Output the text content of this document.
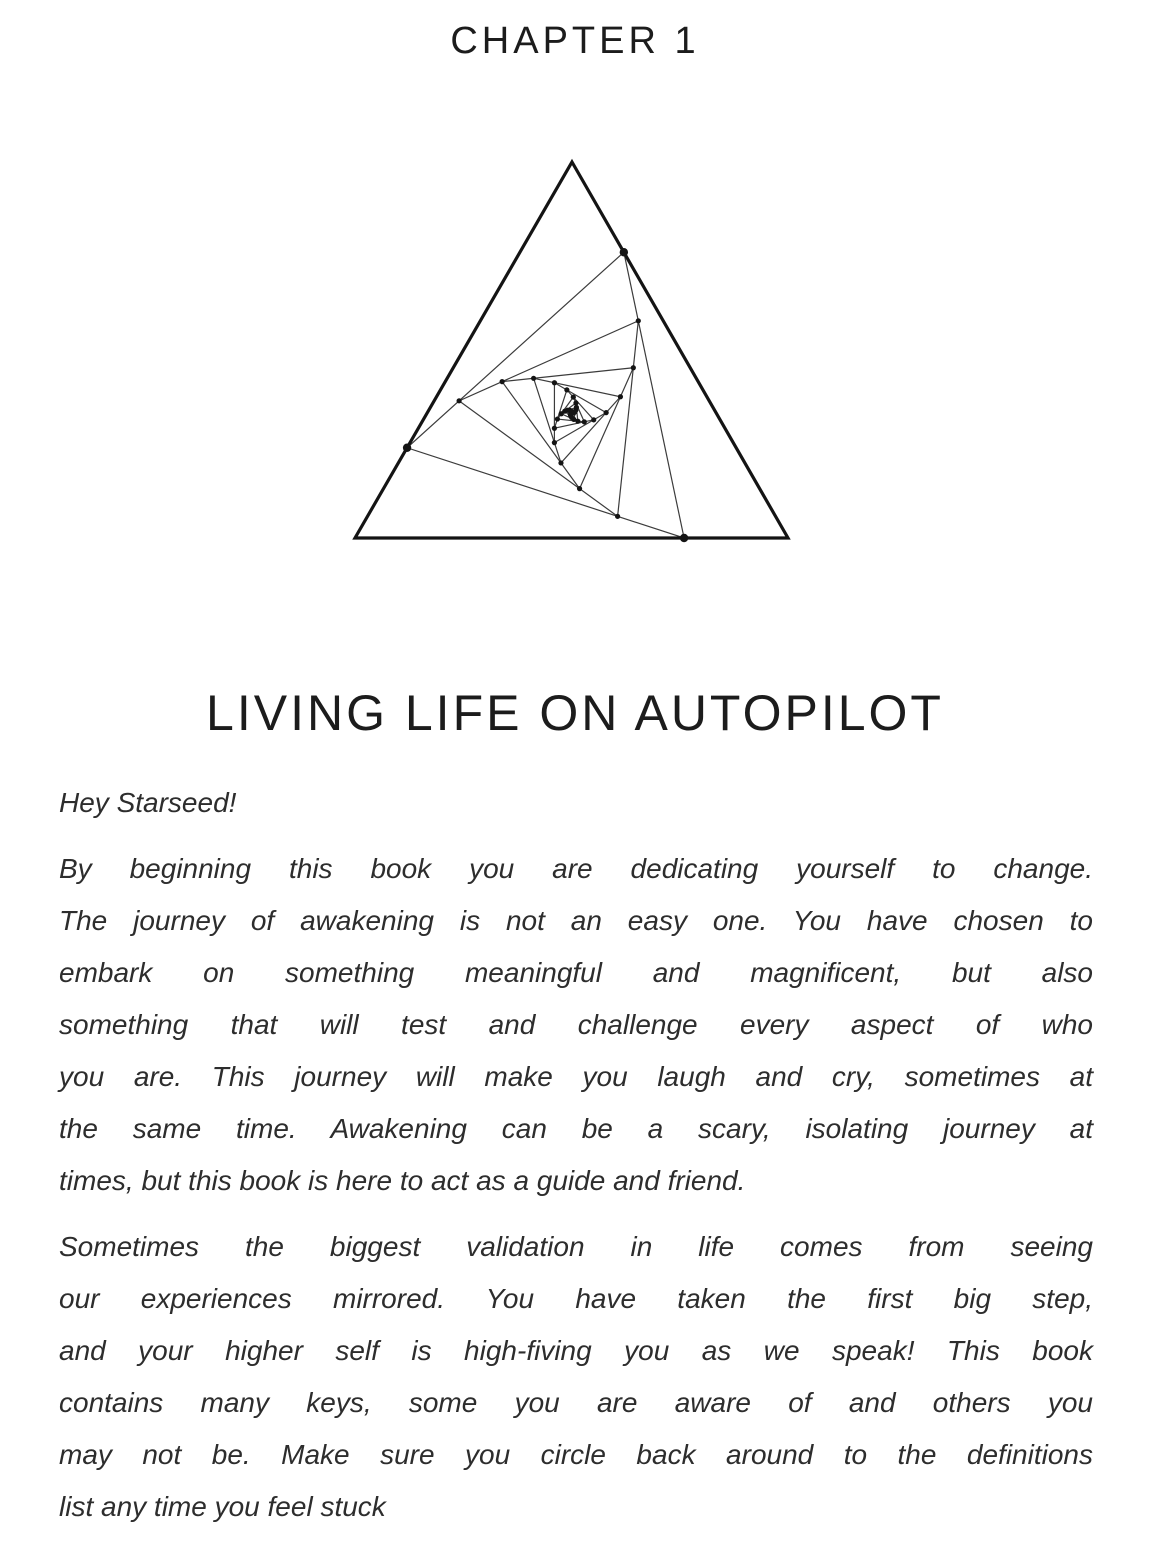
CHAPTER 1
LIVING LIFE ON AUTOPILOT

Hey Starseed!

By beginning this book you are dedicating yourself to change.
The journey of awakening is not an easy one. You have chosen to
embark on something meaningful and magnificent, but also
something that will test and challenge every aspect of who
you are. This journey will make you laugh and cry, sometimes at
the same time. Awakening can be a scary, isolating journey at
times, but this book is here to act as a guide and friend.

Sometimes the biggest validation in life comes from seeing
our experiences mirrored. You have taken the first big step,
and your higher self is high-fiving you as we speak! This book
contains many keys, some you are aware of and others you
may not be. Make sure you circle back around to the definitions
list any time you feel stuck
